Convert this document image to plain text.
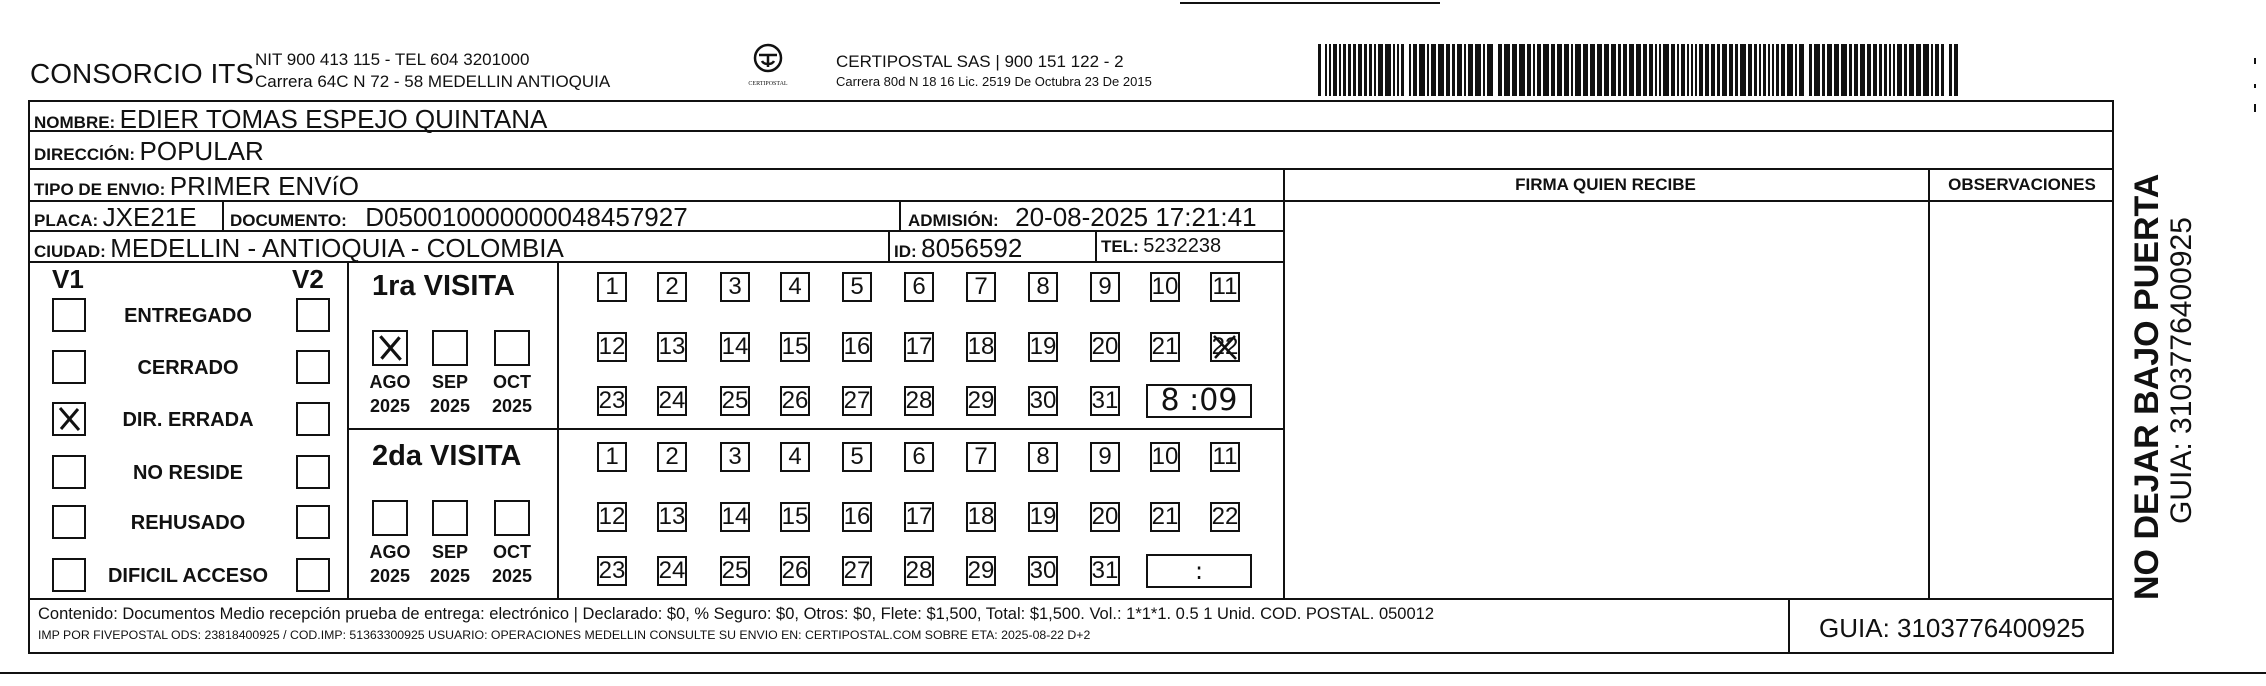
CONSORCIO ITS NIT 900 413 115 - TEL 604 3201000
Carrera 64C N 72 - 58 MEDELLIN ANTIOQUIA	CERTIPOSTAL
CERTIPOSTAL SAS | 900 151 122 - 2
Carrera 80d N 18 16 Lic. 2519 De Octubra 23 De 2015
NOMBRE: EDIER TOMAS ESPEJO QUINTANA
DIRECCIÓN: POPULAR
TIPO DE ENVIO: PRIMER ENVíO
PLACA: JXE21E DOCUMENTO: D050010000000048457927	ADMISIÓN: 20-08-2025 17:21:41
CIUDAD: MEDELLIN - ANTIOQUIA - COLOMBIA	ID: 8056592	TEL: 5232238
FIRMA QUIEN RECIBE	OBSERVACIONES
V1	V2
ENTREGADO
CERRADO
DIR. ERRADA
NO RESIDE
REHUSADO
DIFICIL ACCESO
1ra VISITA
AGO
2025
SEP
2025
OCT
2025
1 2 3 4 5 6 7 8 9 10 11
12 13 14 15 16 17 18 19 20 21 22
23 24 25 26 27 28 29 30 31 8 :09
2da VISITA
AGO
2025
SEP
2025
OCT
2025
1 2 3 4 5 6 7 8 9 10 11
12 13 14 15 16 17 18 19 20 21 22
23 24 25 26 27 28 29 30 31	:
Contenido: Documentos Medio recepción prueba de entrega: electrónico | Declarado: $0, % Seguro: $0, Otros: $0, Flete: $1,500, Total: $1,500. Vol.: 1*1*1. 0.5 1 Unid. COD. POSTAL. 050012
IMP POR FIVEPOSTAL ODS: 23818400925 / COD.IMP: 51363300925 USUARIO: OPERACIONES MEDELLIN CONSULTE SU ENVIO EN: CERTIPOSTAL.COM SOBRE ETA: 2025-08-22 D+2	GUIA: 3103776400925
NO DEJAR BAJO PUERTA GUIA: 3103776400925
